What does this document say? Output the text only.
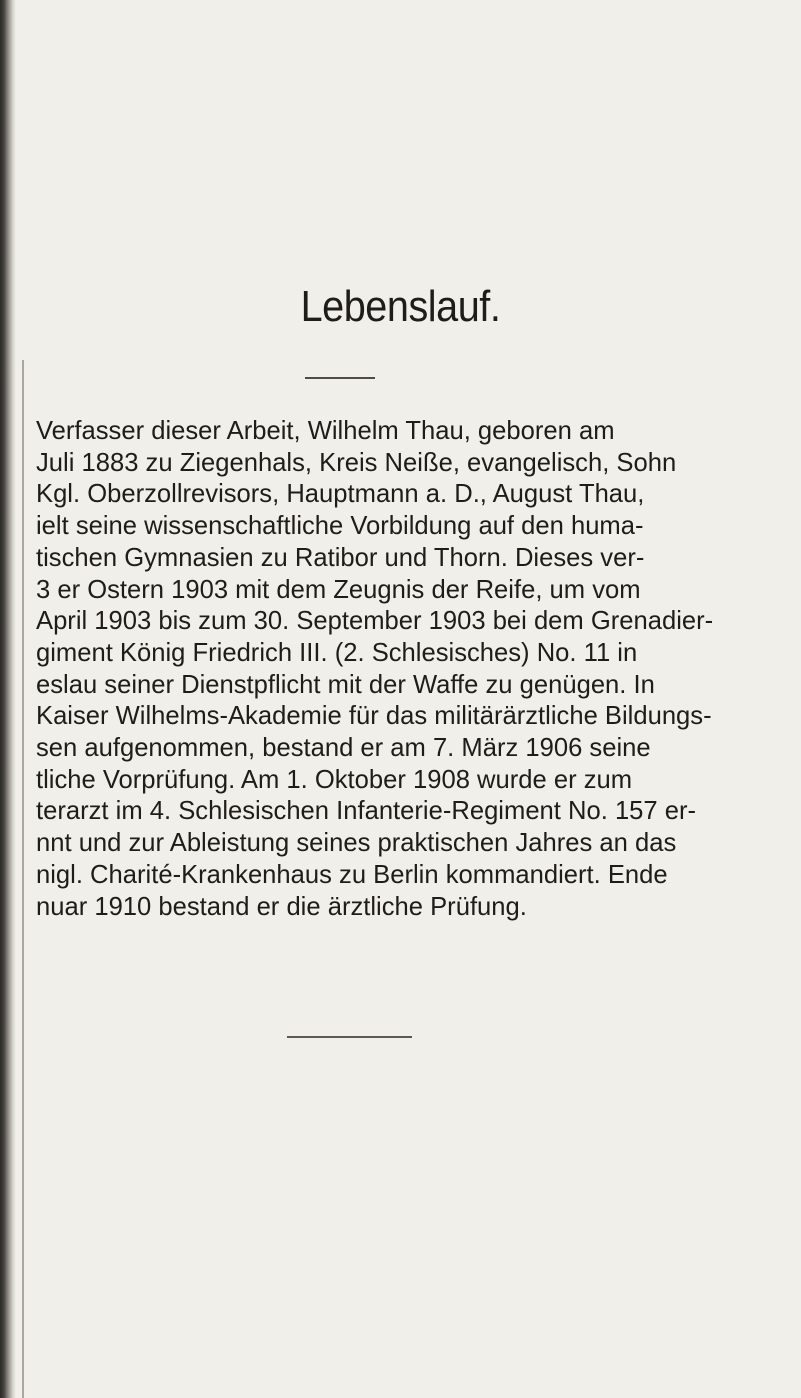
Lebenslauf.

Verfasser dieser Arbeit, Wilhelm Thau, geboren am
Juli 1883 zu Ziegenhals, Kreis Neiße, evangelisch, Sohn
Kgl. Oberzollrevisors, Hauptmann a. D., August Thau,
ielt seine wissenschaftliche Vorbildung auf den huma-
tischen Gymnasien zu Ratibor und Thorn. Dieses ver-
3 er Ostern 1903 mit dem Zeugnis der Reife, um vom
April 1903 bis zum 30. September 1903 bei dem Grenadier-
giment König Friedrich III. (2. Schlesisches) No. 11 in
eslau seiner Dienstpflicht mit der Waffe zu genügen. In
Kaiser Wilhelms-Akademie für das militärärztliche Bildungs-
sen aufgenommen, bestand er am 7. März 1906 seine
tliche Vorprüfung. Am 1. Oktober 1908 wurde er zum
terarzt im 4. Schlesischen Infanterie-Regiment No. 157 er-
nnt und zur Ableistung seines praktischen Jahres an das
nigl. Charité-Krankenhaus zu Berlin kommandiert. Ende
nuar 1910 bestand er die ärztliche Prüfung.
